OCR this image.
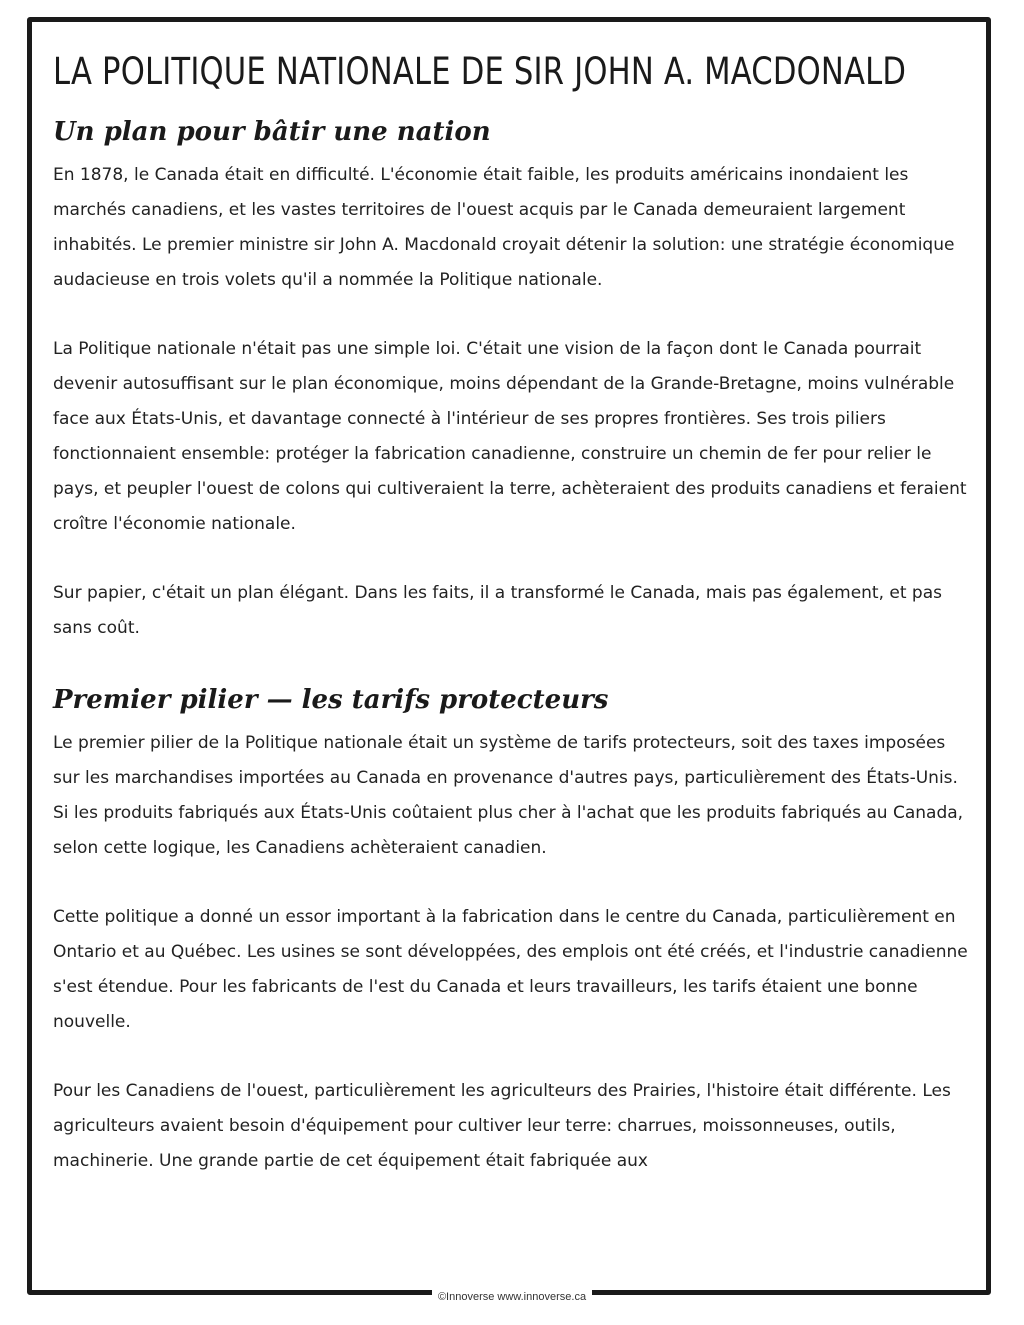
LA POLITIQUE NATIONALE DE SIR JOHN A. MACDONALD
Un plan pour bâtir une nation

En 1878, le Canada était en difficulté. L'économie était faible, les produits américains inondaient les marchés canadiens, et les vastes territoires de l'ouest acquis par le Canada demeuraient largement inhabités. Le premier ministre sir John A. Macdonald croyait détenir la solution: une stratégie économique audacieuse en trois volets qu'il a nommée la Politique nationale.

La Politique nationale n'était pas une simple loi. C'était une vision de la façon dont le Canada pourrait devenir autosuffisant sur le plan économique, moins dépendant de la Grande-Bretagne, moins vulnérable face aux États-Unis, et davantage connecté à l'intérieur de ses propres frontières. Ses trois piliers fonctionnaient ensemble: protéger la fabrication canadienne, construire un chemin de fer pour relier le pays, et peupler l'ouest de colons qui cultiveraient la terre, achèteraient des produits canadiens et feraient croître l'économie nationale.

Sur papier, c'était un plan élégant. Dans les faits, il a transformé le Canada, mais pas également, et pas sans coût.

Premier pilier — les tarifs protecteurs

Le premier pilier de la Politique nationale était un système de tarifs protecteurs, soit des taxes imposées sur les marchandises importées au Canada en provenance d'autres pays, particulièrement des États-Unis. Si les produits fabriqués aux États-Unis coûtaient plus cher à l'achat que les produits fabriqués au Canada, selon cette logique, les Canadiens achèteraient canadien.

Cette politique a donné un essor important à la fabrication dans le centre du Canada, particulièrement en Ontario et au Québec. Les usines se sont développées, des emplois ont été créés, et l'industrie canadienne s'est étendue. Pour les fabricants de l'est du Canada et leurs travailleurs, les tarifs étaient une bonne nouvelle.

Pour les Canadiens de l'ouest, particulièrement les agriculteurs des Prairies, l'histoire était différente. Les agriculteurs avaient besoin d'équipement pour cultiver leur terre: charrues, moissonneuses, outils, machinerie. Une grande partie de cet équipement était fabriquée aux

©Innoverse www.innoverse.ca
